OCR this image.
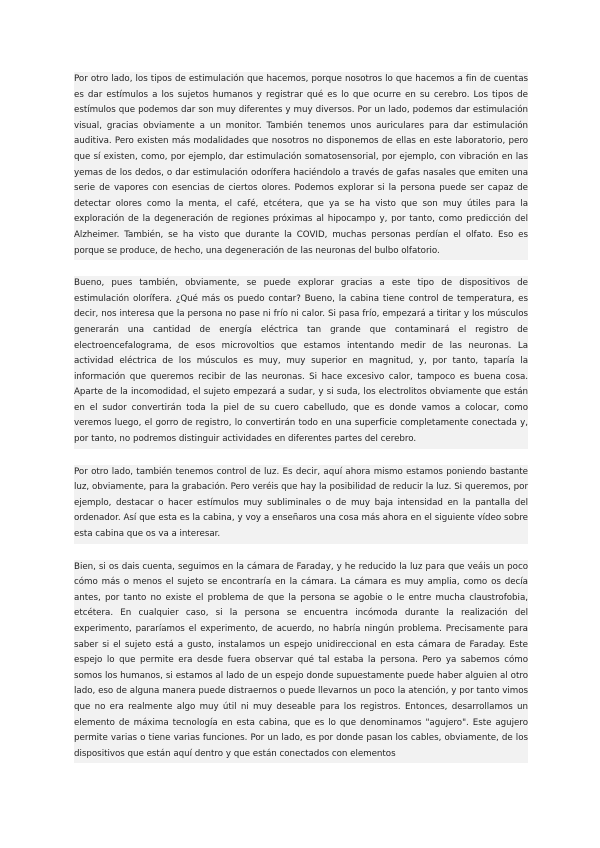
Por otro lado, los tipos de estimulación que hacemos, porque nosotros lo que hacemos a fin de cuentas es dar estímulos a los sujetos humanos y registrar qué es lo que ocurre en su cerebro. Los tipos de estímulos que podemos dar son muy diferentes y muy diversos. Por un lado, podemos dar estimulación visual, gracias obviamente a un monitor. También tenemos unos auriculares para dar estimulación auditiva. Pero existen más modalidades que nosotros no disponemos de ellas en este laboratorio, pero que sí existen, como, por ejemplo, dar estimulación somatosensorial, por ejemplo, con vibración en las yemas de los dedos, o dar estimulación odorífera haciéndolo a través de gafas nasales que emiten una serie de vapores con esencias de ciertos olores. Podemos explorar si la persona puede ser capaz de detectar olores como la menta, el café, etcétera, que ya se ha visto que son muy útiles para la exploración de la degeneración de regiones próximas al hipocampo y, por tanto, como predicción del Alzheimer. También, se ha visto que durante la COVID, muchas personas perdían el olfato. Eso es porque se produce, de hecho, una degeneración de las neuronas del bulbo olfatorio.

Bueno, pues también, obviamente, se puede explorar gracias a este tipo de dispositivos de estimulación olorífera. ¿Qué más os puedo contar? Bueno, la cabina tiene control de temperatura, es decir, nos interesa que la persona no pase ni frío ni calor. Si pasa frío, empezará a tiritar y los músculos generarán una cantidad de energía eléctrica tan grande que contaminará el registro de electroencefalograma, de esos microvoltios que estamos intentando medir de las neuronas. La actividad eléctrica de los músculos es muy, muy superior en magnitud, y, por tanto, taparía la información que queremos recibir de las neuronas. Si hace excesivo calor, tampoco es buena cosa. Aparte de la incomodidad, el sujeto empezará a sudar, y si suda, los electrolitos obviamente que están en el sudor convertirán toda la piel de su cuero cabelludo, que es donde vamos a colocar, como veremos luego, el gorro de registro, lo convertirán todo en una superficie completamente conectada y, por tanto, no podremos distinguir actividades en diferentes partes del cerebro.

Por otro lado, también tenemos control de luz. Es decir, aquí ahora mismo estamos poniendo bastante luz, obviamente, para la grabación. Pero veréis que hay la posibilidad de reducir la luz. Si queremos, por ejemplo, destacar o hacer estímulos muy subliminales o de muy baja intensidad en la pantalla del ordenador. Así que esta es la cabina, y voy a enseñaros una cosa más ahora en el siguiente vídeo sobre esta cabina que os va a interesar.

Bien, si os dais cuenta, seguimos en la cámara de Faraday, y he reducido la luz para que veáis un poco cómo más o menos el sujeto se encontraría en la cámara. La cámara es muy amplia, como os decía antes, por tanto no existe el problema de que la persona se agobie o le entre mucha claustrofobia, etcétera. En cualquier caso, si la persona se encuentra incómoda durante la realización del experimento, pararíamos el experimento, de acuerdo, no habría ningún problema. Precisamente para saber si el sujeto está a gusto, instalamos un espejo unidireccional en esta cámara de Faraday. Este espejo lo que permite era desde fuera observar qué tal estaba la persona. Pero ya sabemos cómo somos los humanos, si estamos al lado de un espejo donde supuestamente puede haber alguien al otro lado, eso de alguna manera puede distraernos o puede llevarnos un poco la atención, y por tanto vimos que no era realmente algo muy útil ni muy deseable para los registros. Entonces, desarrollamos un elemento de máxima tecnología en esta cabina, que es lo que denominamos "agujero". Este agujero permite varias o tiene varias funciones. Por un lado, es por donde pasan los cables, obviamente, de los dispositivos que están aquí dentro y que están conectados con elementos
